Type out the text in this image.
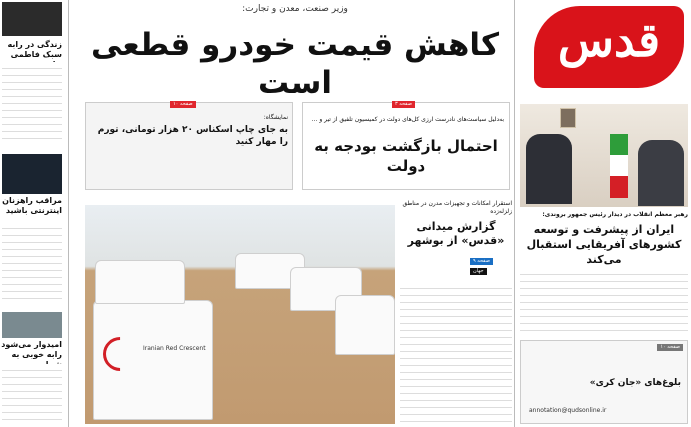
زندگی در رابه سبک فاطمی
مراقب راهزنان اینترنتی باشید
امیدوار می‌شود رابه خوبی به
وزیر صنعت، معدن و تجارت:
کاهش قیمت خودرو قطعی است
صفحه ۱۰
نمایشگاه:
به جای چاپ اسکناس ۲۰ هزار تومانی، تورم را مهار کنید
صفحه ۳
به‌دلیل سیاست‌های نادرست ارزی کل‌های دولت در کمیسیون تلفیق از تیر و ...
احتمال بازگشت بودجه به دولت
Iranian Red Crescent
استقرار امکانات و تجهیزات مدرن در مناطق زلزله‌زده
گزارش میدانی «قدس» از بوشهر
صفحه ۹
جهان
قدس
رهبر معظم انقلاب در دیدار رئیس جمهور بروندی:
ایران از پیشرفت و توسعه کشورهای آفریقایی استقبال می‌کند
صفحه ۱۰
بلوغ‌های «جان کری»
annotation@qudsonline.ir
